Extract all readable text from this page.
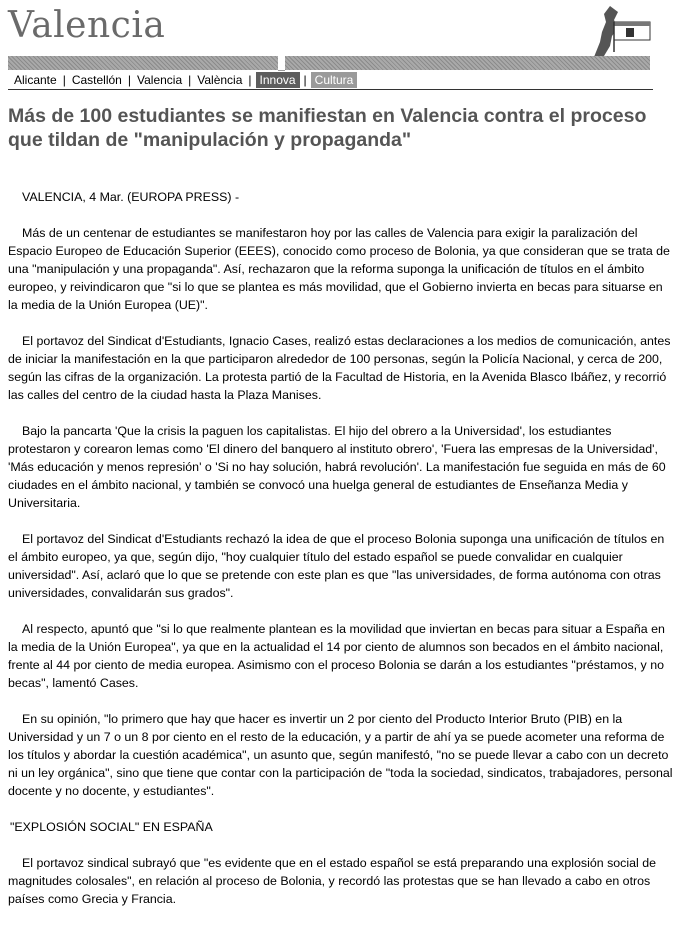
Valencia
Alicante | Castellón | Valencia | València | Innova | Cultura
Más de 100 estudiantes se manifiestan en Valencia contra el proceso que tildan de "manipulación y propaganda"

VALENCIA, 4 Mar. (EUROPA PRESS) -

Más de un centenar de estudiantes se manifestaron hoy por las calles de Valencia para exigir la paralización del Espacio Europeo de Educación Superior (EEES), conocido como proceso de Bolonia, ya que consideran que se trata de una "manipulación y una propaganda". Así, rechazaron que la reforma suponga la unificación de títulos en el ámbito europeo, y reivindicaron que "si lo que se plantea es más movilidad, que el Gobierno invierta en becas para situarse en la media de la Unión Europea (UE)".

El portavoz del Sindicat d'Estudiants, Ignacio Cases, realizó estas declaraciones a los medios de comunicación, antes de iniciar la manifestación en la que participaron alrededor de 100 personas, según la Policía Nacional, y cerca de 200, según las cifras de la organización. La protesta partió de la Facultad de Historia, en la Avenida Blasco Ibáñez, y recorrió las calles del centro de la ciudad hasta la Plaza Manises.

Bajo la pancarta 'Que la crisis la paguen los capitalistas. El hijo del obrero a la Universidad', los estudiantes protestaron y corearon lemas como 'El dinero del banquero al instituto obrero', 'Fuera las empresas de la Universidad', 'Más educación y menos represión' o 'Si no hay solución, habrá revolución'. La manifestación fue seguida en más de 60 ciudades en el ámbito nacional, y también se convocó una huelga general de estudiantes de Enseñanza Media y Universitaria.

El portavoz del Sindicat d'Estudiants rechazó la idea de que el proceso Bolonia suponga una unificación de títulos en el ámbito europeo, ya que, según dijo, "hoy cualquier título del estado español se puede convalidar en cualquier universidad". Así, aclaró que lo que se pretende con este plan es que "las universidades, de forma autónoma con otras universidades, convalidarán sus grados".

Al respecto, apuntó que "si lo que realmente plantean es la movilidad que inviertan en becas para situar a España en la media de la Unión Europea", ya que en la actualidad el 14 por ciento de alumnos son becados en el ámbito nacional, frente al 44 por ciento de media europea. Asimismo con el proceso Bolonia se darán a los estudiantes "préstamos, y no becas", lamentó Cases.

En su opinión, "lo primero que hay que hacer es invertir un 2 por ciento del Producto Interior Bruto (PIB) en la Universidad y un 7 o un 8 por ciento en el resto de la educación, y a partir de ahí ya se puede acometer una reforma de los títulos y abordar la cuestión académica", un asunto que, según manifestó, "no se puede llevar a cabo con un decreto ni un ley orgánica", sino que tiene que contar con la participación de "toda la sociedad, sindicatos, trabajadores, personal docente y no docente, y estudiantes".

"EXPLOSIÓN SOCIAL" EN ESPAÑA

El portavoz sindical subrayó que "es evidente que en el estado español se está preparando una explosión social de magnitudes colosales", en relación al proceso de Bolonia, y recordó las protestas que se han llevado a cabo en otros países como Grecia y Francia.
